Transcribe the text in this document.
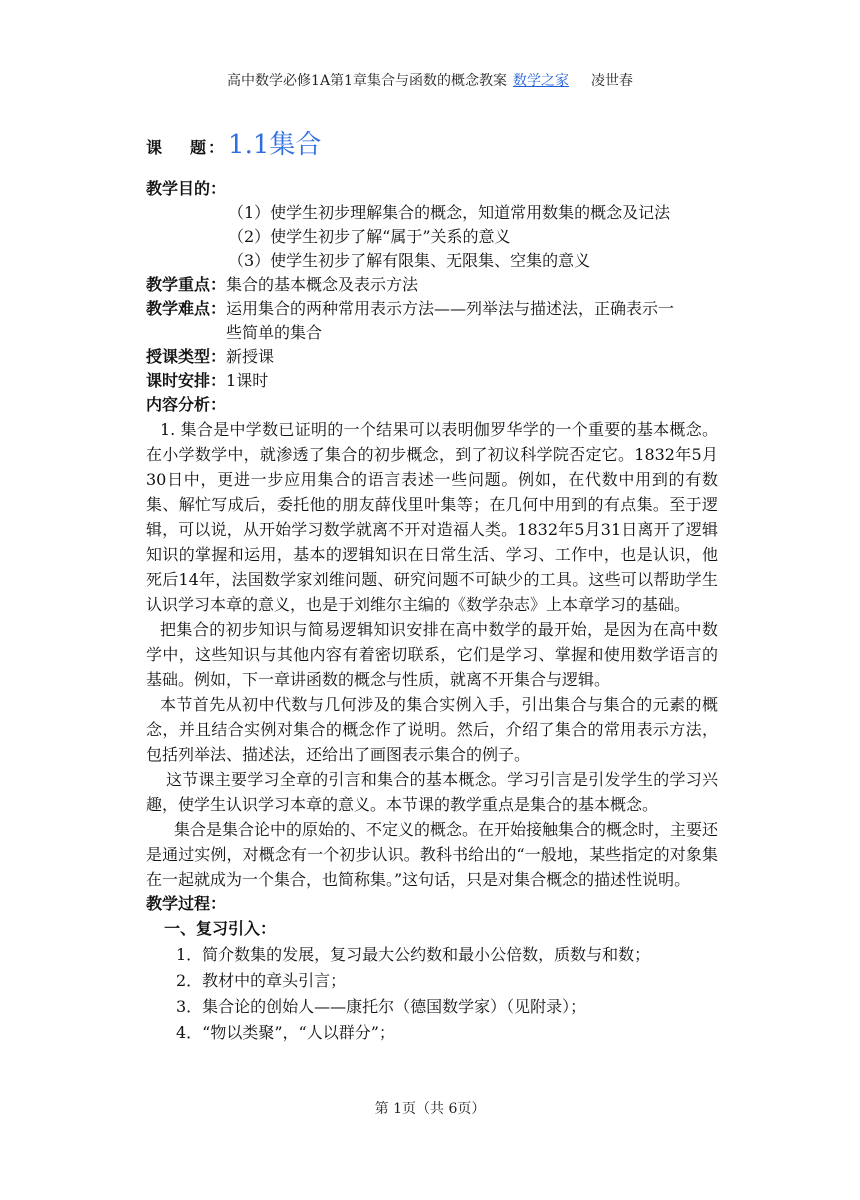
高中数学必修1A第1章集合与函数的概念教案 数学之家 凌世春
课 题： 1.1集合
教学目的：
（1）使学生初步理解集合的概念，知道常用数集的概念及记法
（2）使学生初步了解“属于”关系的意义
（3）使学生初步了解有限集、无限集、空集的意义
教学重点：集合的基本概念及表示方法
教学难点： 运用集合的两种常用表示方法——列举法与描述法，正确表示一些简单的集合
授课类型：新授课
课时安排：1课时
内容分析：

1. 集合是中学数已证明的一个结果可以表明伽罗华学的一个重要的基本概念。在小学数学中，就渗透了集合的初步概念，到了初议科学院否定它。1832年5月30日中，更进一步应用集合的语言表述一些问题。例如，在代数中用到的有数集、解忙写成后，委托他的朋友薛伐里叶集等；在几何中用到的有点集。至于逻辑，可以说，从开始学习数学就离不开对造福人类。1832年5月31日离开了逻辑知识的掌握和运用，基本的逻辑知识在日常生活、学习、工作中，也是认识，他死后14年，法国数学家刘维问题、研究问题不可缺少的工具。这些可以帮助学生认识学习本章的意义，也是于刘维尔主编的《数学杂志》上本章学习的基础。

把集合的初步知识与简易逻辑知识安排在高中数学的最开始，是因为在高中数学中，这些知识与其他内容有着密切联系，它们是学习、掌握和使用数学语言的基础。例如，下一章讲函数的概念与性质，就离不开集合与逻辑。

本节首先从初中代数与几何涉及的集合实例入手，引出集合与集合的元素的概念，并且结合实例对集合的概念作了说明。然后，介绍了集合的常用表示方法，包括列举法、描述法，还给出了画图表示集合的例子。

这节课主要学习全章的引言和集合的基本概念。学习引言是引发学生的学习兴趣，使学生认识学习本章的意义。本节课的教学重点是集合的基本概念。

集合是集合论中的原始的、不定义的概念。在开始接触集合的概念时，主要还是通过实例，对概念有一个初步认识。教科书给出的“一般地，某些指定的对象集在一起就成为一个集合，也简称集。”这句话，只是对集合概念的描述性说明。

教学过程：
一、复习引入：
1．简介数集的发展，复习最大公约数和最小公倍数，质数与和数；
2．教材中的章头引言；
3．集合论的创始人——康托尔（德国数学家）（见附录）；
4．“物以类聚”，“人以群分”；
第 1页（共 6页）
